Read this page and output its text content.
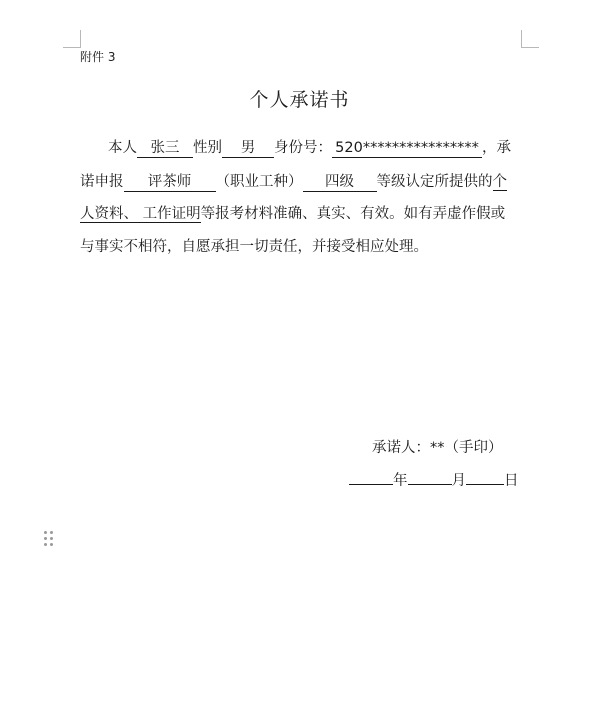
附件 3
个人承诺书
本人 张三 性别 男 身份号： 520**************** ，承
诺申报 评茶师 （职业工种） 四级 等级认定所提供的个
人资料、 工作证明等报考材料准确、真实、有效。如有弄虚作假或
与事实不相符，自愿承担一切责任，并接受相应处理。
承诺人：**（手印）
年	月	日
